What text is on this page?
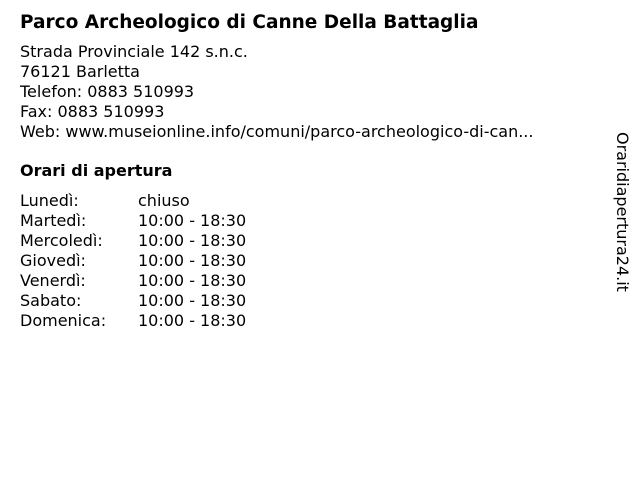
Parco Archeologico di Canne Della Battaglia
Strada Provinciale 142 s.n.c.
76121 Barletta
Telefon: 0883 510993
Fax: 0883 510993
Web: www.museionline.info/comuni/parco-archeologico-di-can...
Orari di apertura
Lunedì:	chiuso
Martedì:	10:00 - 18:30
Mercoledì:	10:00 - 18:30
Giovedì:	10:00 - 18:30
Venerdì:	10:00 - 18:30
Sabato:	10:00 - 18:30
Domenica:	10:00 - 18:30
Oraridiapertura24.it
